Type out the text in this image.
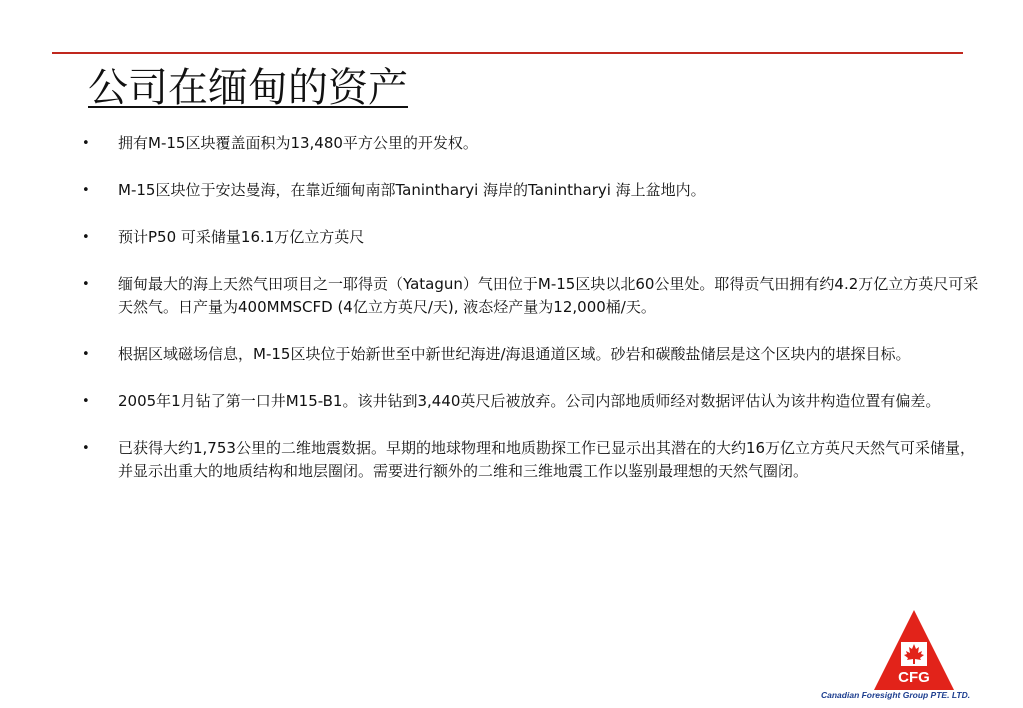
公司在缅甸的资产
• 拥有M-15区块覆盖面积为13,480平方公里的开发权。
• M-15区块位于安达曼海，在靠近缅甸南部Tanintharyi 海岸的Tanintharyi 海上盆地内。
• 预计P50 可采储量16.1万亿立方英尺
• 缅甸最大的海上天然气田项目之一耶得贡（Yatagun）气田位于M-15区块以北60公里处。耶得贡气田拥有约4.2万亿立方英尺可采天然气。日产量为400MMSCFD (4亿立方英尺/天), 液态烃产量为12,000桶/天。
• 根据区域磁场信息，M-15区块位于始新世至中新世纪海进/海退通道区域。砂岩和碳酸盐储层是这个区块内的堪探目标。
• 2005年1月钻了第一口井M15-B1。该井钻到3,440英尺后被放弃。公司内部地质师经对数据评估认为该井构造位置有偏差。
• 已获得大约1,753公里的二维地震数据。早期的地球物理和地质勘探工作已显示出其潜在的大约16万亿立方英尺天然气可采储量，并显示出重大的地质结构和地层圈闭。需要进行额外的二维和三维地震工作以鉴别最理想的天然气圈闭。
CFG
Canadian Foresight Group PTE. LTD.
